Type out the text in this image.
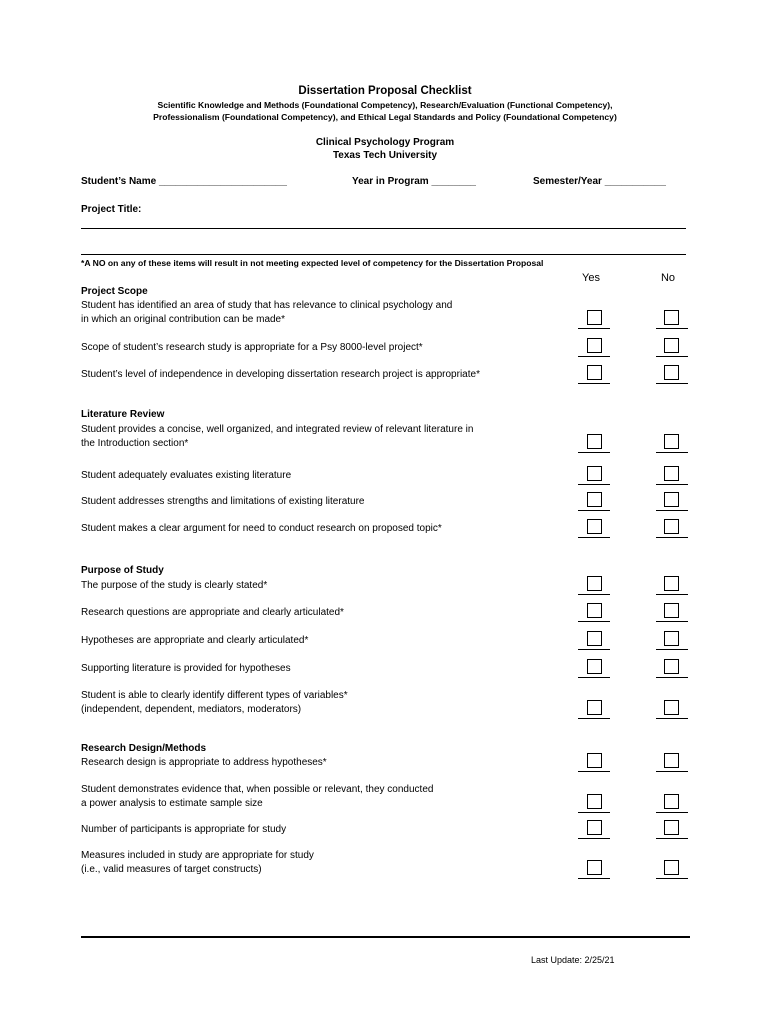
Dissertation Proposal Checklist
Scientific Knowledge and Methods (Foundational Competency), Research/Evaluation (Functional Competency),
Professionalism (Foundational Competency), and Ethical Legal Standards and Policy (Foundational Competency)
Clinical Psychology Program
Texas Tech University
Student’s Name _______________________	Year in Program ________	Semester/Year ___________
Project Title:
*A NO on any of these items will result in not meeting expected level of competency for the Dissertation Proposal
Yes	No
Project Scope
Student has identified an area of study that has relevance to clinical psychology and
in which an original contribution can be made*
Scope of student’s research study is appropriate for a Psy 8000-level project*
Student’s level of independence in developing dissertation research project is appropriate*
Literature Review
Student provides a concise, well organized, and integrated review of relevant literature in
the Introduction section*
Student adequately evaluates existing literature
Student addresses strengths and limitations of existing literature
Student makes a clear argument for need to conduct research on proposed topic*
Purpose of Study
The purpose of the study is clearly stated*
Research questions are appropriate and clearly articulated*
Hypotheses are appropriate and clearly articulated*
Supporting literature is provided for hypotheses
Student is able to clearly identify different types of variables*
(independent, dependent, mediators, moderators)
Research Design/Methods
Research design is appropriate to address hypotheses*
Student demonstrates evidence that, when possible or relevant, they conducted
a power analysis to estimate sample size
Number of participants is appropriate for study
Measures included in study are appropriate for study
(i.e., valid measures of target constructs)
Last Update: 2/25/21
